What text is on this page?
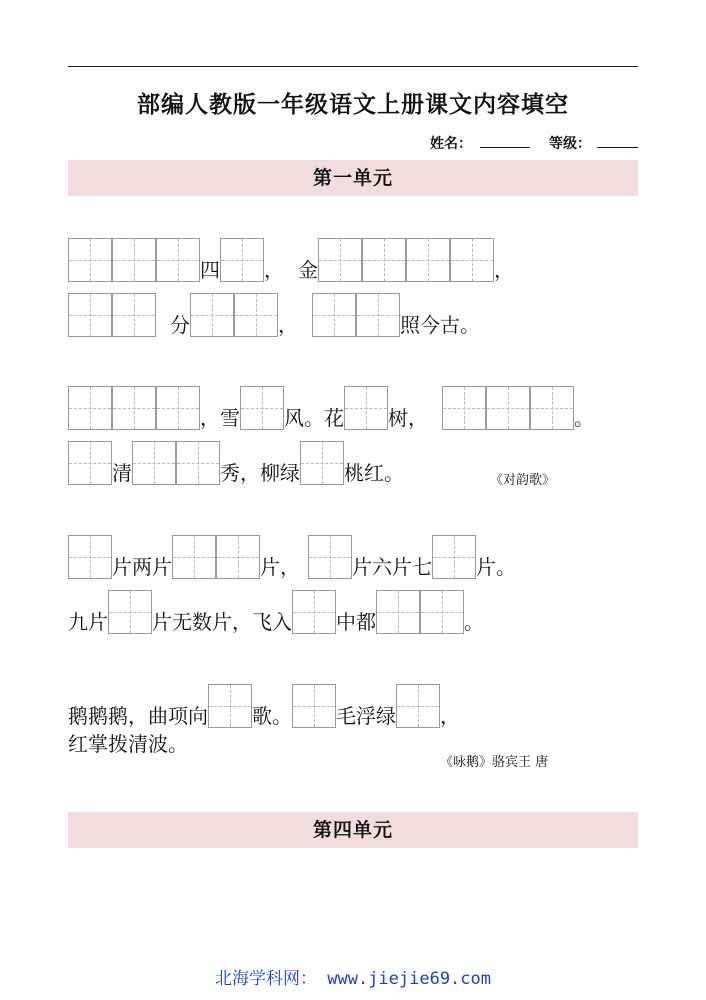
部编人教版一年级语文上册课文内容填空
姓名：	等级：
第一单元
四 ， 金	，
分	，	照今古。
，雪 风。花 树，	。
清	秀，柳绿 桃红。	《对韵歌》
片两片	片，	片六片七 片。
九片 片无数片，飞入 中都	。
鹅鹅鹅，曲项向 歌。 毛浮绿 ，
红掌拨清波。
《咏鹅》骆宾王 唐
第四单元
北海学科网： www.jiejie69.com
